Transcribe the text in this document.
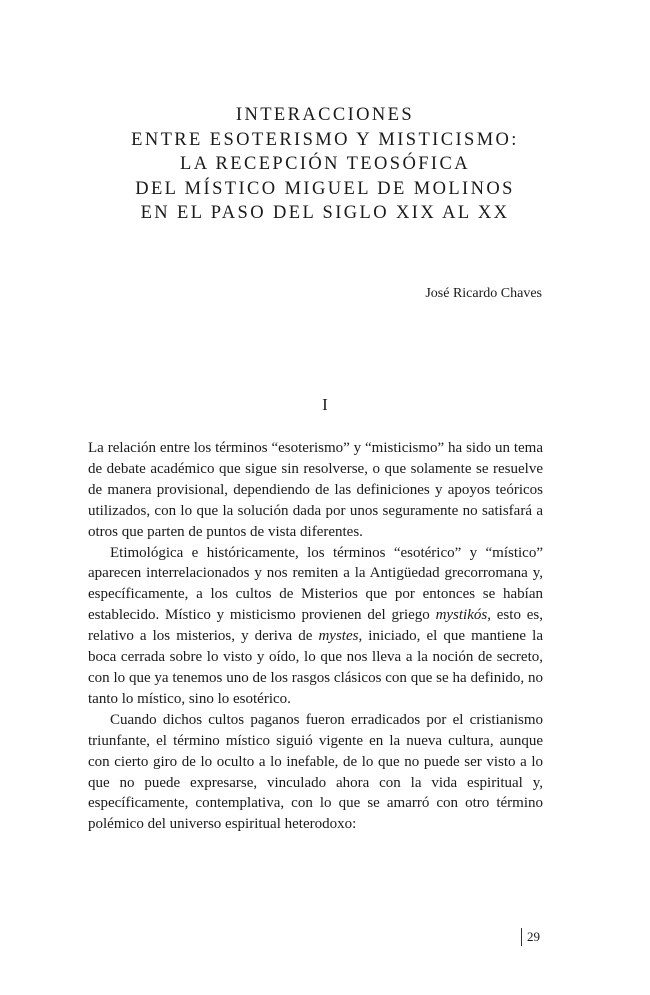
INTERACCIONES
ENTRE ESOTERISMO Y MISTICISMO:
LA RECEPCIÓN TEOSÓFICA
DEL MÍSTICO MIGUEL DE MOLINOS
EN EL PASO DEL SIGLO XIX AL XX

José Ricardo Chaves

I

La relación entre los términos “esoterismo” y “misticismo” ha sido un tema de debate académico que sigue sin resolverse, o que solamente se resuelve de manera provisional, dependiendo de las definiciones y apoyos teóricos utilizados, con lo que la solución dada por unos seguramente no satisfará a otros que parten de puntos de vista diferentes.

Etimológica e históricamente, los términos “esotérico” y “místico” aparecen interrelacionados y nos remiten a la Antigüedad grecorromana y, específicamente, a los cultos de Misterios que por entonces se habían establecido. Místico y misticismo provienen del griego mystikós, esto es, relativo a los misterios, y deriva de mystes, iniciado, el que mantiene la boca cerrada sobre lo visto y oído, lo que nos lleva a la noción de secreto, con lo que ya tenemos uno de los rasgos clásicos con que se ha definido, no tanto lo místico, sino lo esotérico.

Cuando dichos cultos paganos fueron erradicados por el cristianismo triunfante, el término místico siguió vigente en la nueva cultura, aunque con cierto giro de lo oculto a lo inefable, de lo que no puede ser visto a lo que no puede expresarse, vinculado ahora con la vida espiritual y, específicamente, contemplativa, con lo que se amarró con otro término polémico del universo espiritual heterodoxo:

29
